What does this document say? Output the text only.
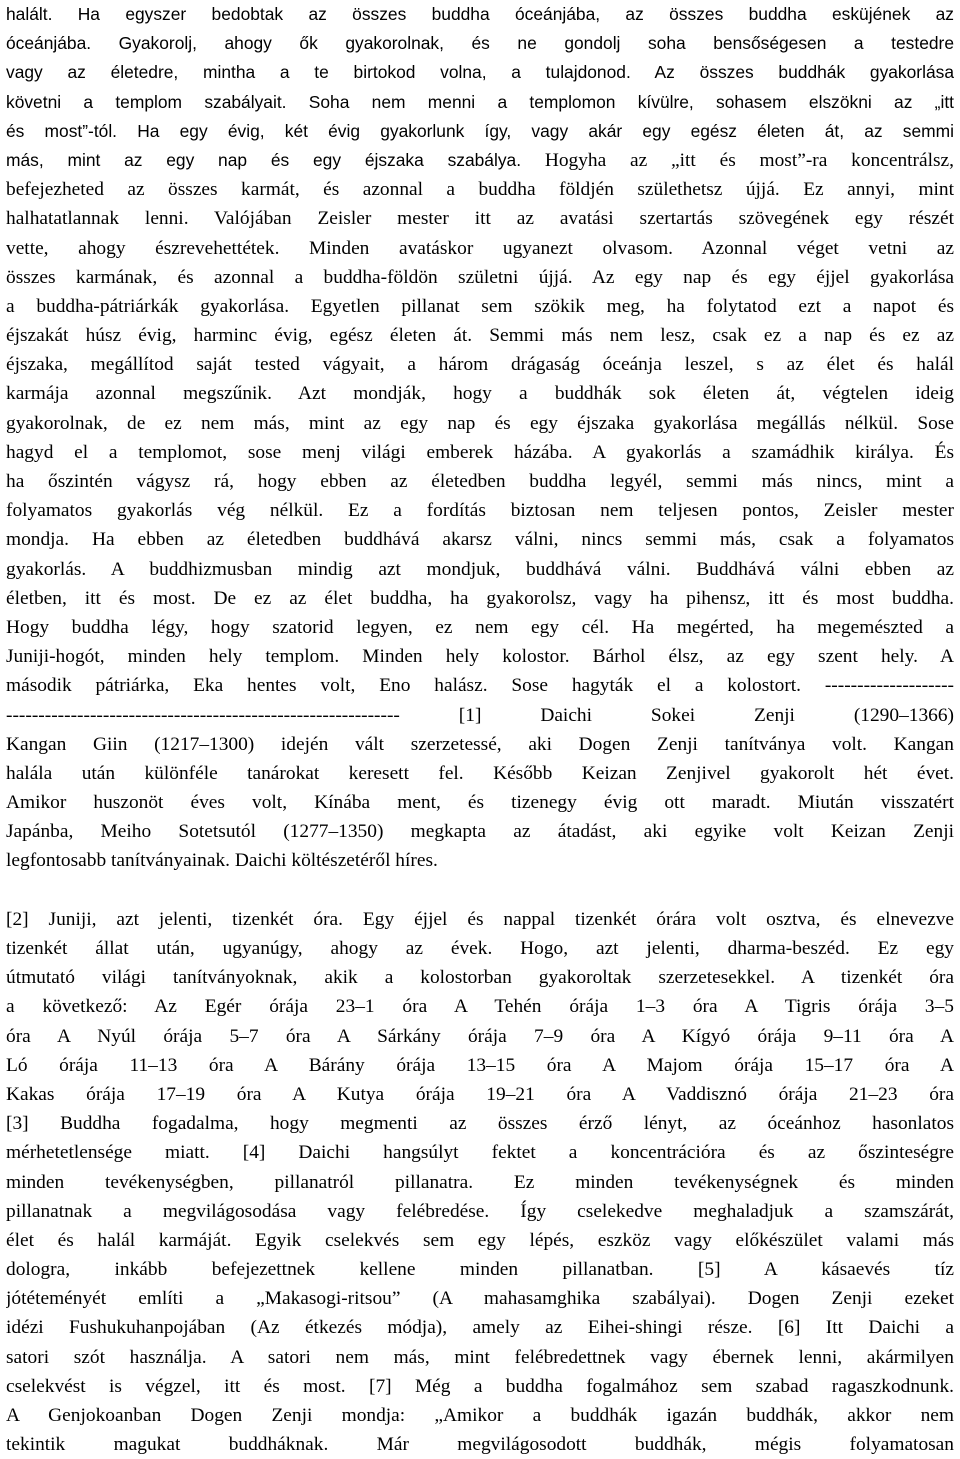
halált. Ha egyszer bedobtak az összes buddha óceánjába, az összes buddha esküjének az
óceánjába. Gyakorolj, ahogy ők gyakorolnak, és ne gondolj soha bensőségesen a testedre
vagy az életedre, mintha a te birtokod volna, a tulajdonod. Az összes buddhák gyakorlása
követni a templom szabályait. Soha nem menni a templomon kívülre, sohasem elszökni az „itt
és most”-tól. Ha egy évig, két évig gyakorlunk így, vagy akár egy egész életen át, az semmi
más, mint az egy nap és egy éjszaka szabálya. Hogyha az „itt és most”-ra koncentrálsz,
befejezheted az összes karmát, és azonnal a buddha földjén születhetsz újjá. Ez annyi, mint
halhatatlannak lenni. Valójában Zeisler mester itt az avatási szertartás szövegének egy részét
vette, ahogy észrevehettétek. Minden avatáskor ugyanezt olvasom. Azonnal véget vetni az
összes karmának, és azonnal a buddha-földön születni újjá. Az egy nap és egy éjjel gyakorlása
a buddha-pátriárkák gyakorlása. Egyetlen pillanat sem szökik meg, ha folytatod ezt a napot és
éjszakát húsz évig, harminc évig, egész életen át. Semmi más nem lesz, csak ez a nap és ez az
éjszaka, megállítod saját tested vágyait, a három drágaság óceánja leszel, s az élet és halál
karmája azonnal megszűnik. Azt mondják, hogy a buddhák sok életen át, végtelen ideig
gyakorolnak, de ez nem más, mint az egy nap és egy éjszaka gyakorlása megállás nélkül. Sose
hagyd el a templomot, sose menj világi emberek házába. A gyakorlás a szamádhik királya. És
ha őszintén vágysz rá, hogy ebben az életedben buddha legyél, semmi más nincs, mint a
folyamatos gyakorlás vég nélkül. Ez a fordítás biztosan nem teljesen pontos, Zeisler mester
mondja. Ha ebben az életedben buddhává akarsz válni, nincs semmi más, csak a folyamatos
gyakorlás. A buddhizmusban mindig azt mondjuk, buddhává válni. Buddhává válni ebben az
életben, itt és most. De ez az élet buddha, ha gyakorolsz, vagy ha pihensz, itt és most buddha.
Hogy buddha légy, hogy szatorid legyen, ez nem egy cél. Ha megérted, ha megemészted a
Juniji-hogót, minden hely templom. Minden hely kolostor. Bárhol élsz, az egy szent hely. A
második pátriárka, Eka hentes volt, Eno halász. Sose hagyták el a kolostort. --------------------
------------------------------------------------------------- [1] Daichi Sokei Zenji (1290–1366)
Kangan Giin (1217–1300) idején vált szerzetessé, aki Dogen Zenji tanítványa volt. Kangan
halála után különféle tanárokat keresett fel. Később Keizan Zenjivel gyakorolt hét évet.
Amikor huszonöt éves volt, Kínába ment, és tizenegy évig ott maradt. Miután visszatért
Japánba, Meiho Sotetsutól (1277–1350) megkapta az átadást, aki egyike volt Keizan Zenji
legfontosabb tanítványainak. Daichi költészetéről híres.
[2] Juniji, azt jelenti, tizenkét óra. Egy éjjel és nappal tizenkét órára volt osztva, és elnevezve
tizenkét állat után, ugyanúgy, ahogy az évek. Hogo, azt jelenti, dharma-beszéd. Ez egy
útmutató világi tanítványoknak, akik a kolostorban gyakoroltak szerzetesekkel. A tizenkét óra
a következő: Az Egér órája 23–1 óra A Tehén órája 1–3 óra A Tigris órája 3–5
óra A Nyúl órája 5–7 óra A Sárkány órája 7–9 óra A Kígyó órája 9–11 óra A
Ló órája 11–13 óra A Bárány órája 13–15 óra A Majom órája 15–17 óra A
Kakas órája 17–19 óra A Kutya órája 19–21 óra A Vaddisznó órája 21–23 óra
[3] Buddha fogadalma, hogy megmenti az összes érző lényt, az óceánhoz hasonlatos
mérhetetlensége miatt. [4] Daichi hangsúlyt fektet a koncentrációra és az őszinteségre
minden tevékenységben, pillanatról pillanatra. Ez minden tevékenységnek és minden
pillanatnak a megvilágosodása vagy felébredése. Így cselekedve meghaladjuk a szamszárát,
élet és halál karmáját. Egyik cselekvés sem egy lépés, eszköz vagy előkészület valami más
dologra, inkább befejezettnek kellene minden pillanatban. [5] A kásaevés tíz
jótéteményét említi a „Makasogi-ritsou” (A mahasamghika szabályai). Dogen Zenji ezeket
idézi Fushukuhanpojában (Az étkezés módja), amely az Eihei-shingi része. [6] Itt Daichi a
satori szót használja. A satori nem más, mint felébredettnek vagy ébernek lenni, akármilyen
cselekvést is végzel, itt és most. [7] Még a buddha fogalmához sem szabad ragaszkodnunk.
A Genjokoanban Dogen Zenji mondja: „Amikor a buddhák igazán buddhák, akkor nem
tekintik magukat buddháknak. Már megvilágosodott buddhák, mégis folyamatosan
